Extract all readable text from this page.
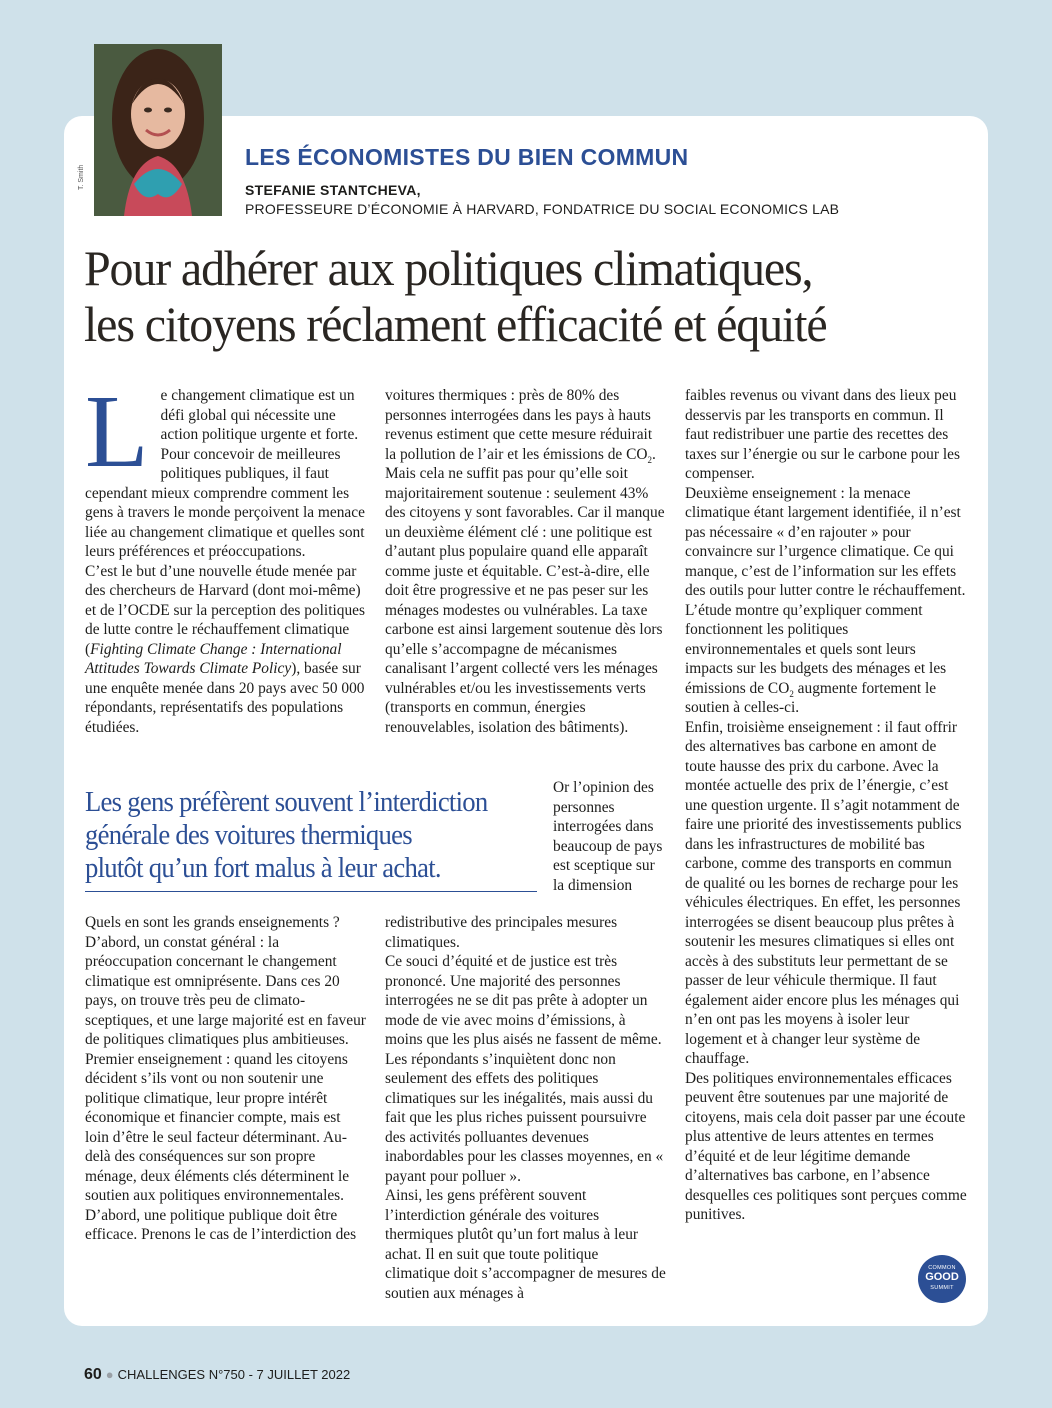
T. Smith
LES ÉCONOMISTES DU BIEN COMMUN
STEFANIE STANTCHEVA,
PROFESSEURE D’ÉCONOMIE À HARVARD, FONDATRICE DU SOCIAL ECONOMICS LAB
Pour adhérer aux politiques climatiques,
les citoyens réclament efficacité et équité
L e changement climatique est un défi global qui nécessite une action politique urgente et forte. Pour concevoir de meilleures politiques publiques, il faut cependant mieux comprendre comment les gens à travers le monde perçoivent la menace liée au changement climatique et quelles sont leurs préférences et préoccupations.

C’est le but d’une nouvelle étude menée par des chercheurs de Harvard (dont moi-même) et de l’OCDE sur la perception des politiques de lutte contre le réchauffement climatique (Fighting Climate Change : International Attitudes Towards Climate Policy), basée sur une enquête menée dans 20 pays avec 50 000 répondants, représentatifs des populations étudiées.

voitures thermiques : près de 80% des personnes interrogées dans les pays à hauts revenus estiment que cette mesure réduirait la pollution de l’air et les émissions de $CO_2$. Mais cela ne suffit pas pour qu’elle soit majoritairement soutenue : seulement 43% des citoyens y sont favorables. Car il manque un deuxième élément clé : une politique est d’autant plus populaire quand elle apparaît comme juste et équitable. C’est-à-dire, elle doit être progressive et ne pas peser sur les ménages modestes ou vulnérables. La taxe carbone est ainsi largement soutenue dès lors qu’elle s’accompagne de mécanismes canalisant l’argent collecté vers les ménages vulnérables et/ou les investissements verts (transports en commun, énergies renouvelables, isolation des bâtiments).

Les gens préfèrent souvent l’interdiction
générale des voitures thermiques
plutôt qu’un fort malus à leur achat.

Or l’opinion des personnes interrogées dans beaucoup de pays est sceptique sur la dimension

Quels en sont les grands enseignements ? D’abord, un constat général : la préoccupation concernant le changement climatique est omniprésente. Dans ces 20 pays, on trouve très peu de climato-sceptiques, et une large majorité est en faveur de politiques climatiques plus ambitieuses.

Premier enseignement : quand les citoyens décident s’ils vont ou non soutenir une politique climatique, leur propre intérêt économique et financier compte, mais est loin d’être le seul facteur déterminant. Au-delà des conséquences sur son propre ménage, deux éléments clés déterminent le soutien aux politiques environnementales. D’abord, une politique publique doit être efficace. Prenons le cas de l’interdiction des

redistributive des principales mesures climatiques.

Ce souci d’équité et de justice est très prononcé. Une majorité des personnes interrogées ne se dit pas prête à adopter un mode de vie avec moins d’émissions, à moins que les plus aisés ne fassent de même. Les répondants s’inquiètent donc non seulement des effets des politiques climatiques sur les inégalités, mais aussi du fait que les plus riches puissent poursuivre des activités polluantes devenues inabordables pour les classes moyennes, en « payant pour polluer ».

Ainsi, les gens préfèrent souvent l’interdiction générale des voitures thermiques plutôt qu’un fort malus à leur achat. Il en suit que toute politique climatique doit s’accompagner de mesures de soutien aux ménages à

faibles revenus ou vivant dans des lieux peu desservis par les transports en commun. Il faut redistribuer une partie des recettes des taxes sur l’énergie ou sur le carbone pour les compenser.

Deuxième enseignement : la menace climatique étant largement identifiée, il n’est pas nécessaire « d’en rajouter » pour convaincre sur l’urgence climatique. Ce qui manque, c’est de l’information sur les effets des outils pour lutter contre le réchauffement. L’étude montre qu’expliquer comment fonctionnent les politiques environnementales et quels sont leurs impacts sur les budgets des ménages et les émissions de $CO_2$ augmente fortement le soutien à celles-ci.

Enfin, troisième enseignement : il faut offrir des alternatives bas carbone en amont de toute hausse des prix du carbone. Avec la montée actuelle des prix de l’énergie, c’est une question urgente. Il s’agit notamment de faire une priorité des investissements publics dans les infrastructures de mobilité bas carbone, comme des transports en commun de qualité ou les bornes de recharge pour les véhicules électriques. En effet, les personnes interrogées se disent beaucoup plus prêtes à soutenir les mesures climatiques si elles ont accès à des substituts leur permettant de se passer de leur véhicule thermique. Il faut également aider encore plus les ménages qui n’en ont pas les moyens à isoler leur logement et à changer leur système de chauffage.

Des politiques environnementales efficaces peuvent être soutenues par une majorité de citoyens, mais cela doit passer par une écoute plus attentive de leurs attentes en termes d’équité et de leur légitime demande d’alternatives bas carbone, en l’absence desquelles ces politiques sont perçues comme punitives.

COMMON
GOOD
SUMMIT
60 ● CHALLENGES N°750 - 7 JUILLET 2022
